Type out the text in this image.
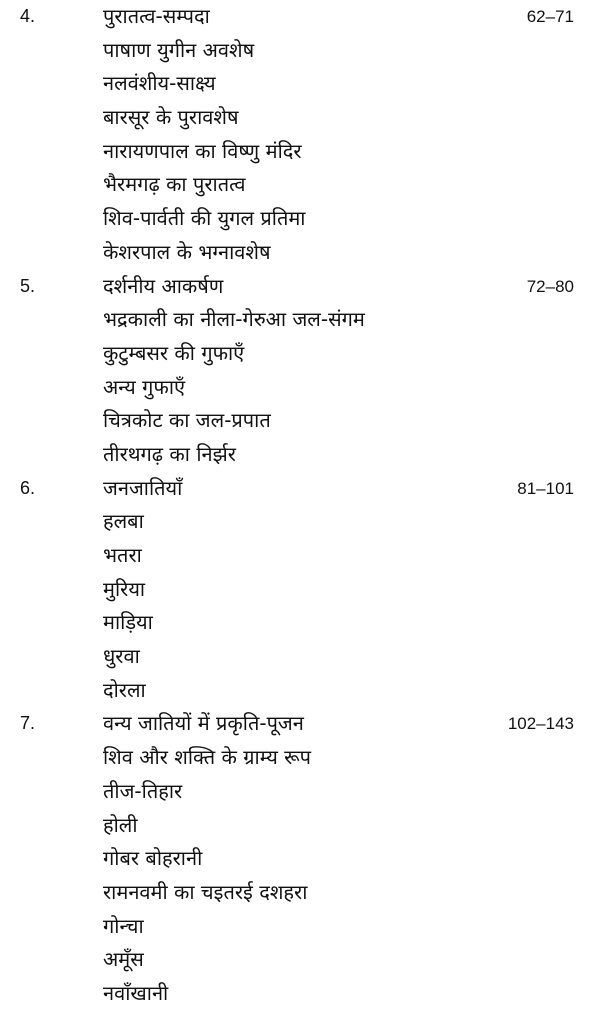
4.	पुरातत्व-सम्पदा	62–71
पाषाण युगीन अवशेष
नलवंशीय-साक्ष्य
बारसूर के पुरावशेष
नारायणपाल का विष्णु मंदिर
भैरमगढ़ का पुरातत्व
शिव-पार्वती की युगल प्रतिमा
केशरपाल के भग्नावशेष
5.	दर्शनीय आकर्षण	72–80
भद्रकाली का नीला-गेरुआ जल-संगम
कुटुम्बसर की गुफाएँ
अन्य गुफाएँ
चित्रकोट का जल-प्रपात
तीरथगढ़ का निर्झर
6.	जनजातियाँ	81–101
हलबा
भतरा
मुरिया
माड़िया
धुरवा
दोरला
7.	वन्य जातियों में प्रकृति-पूजन	102–143
शिव और शक्ति के ग्राम्य रूप
तीज-तिहार
होली
गोबर बोहरानी
रामनवमी का चइतरई दशहरा
गोन्चा
अमूँस
नवाँखानी
